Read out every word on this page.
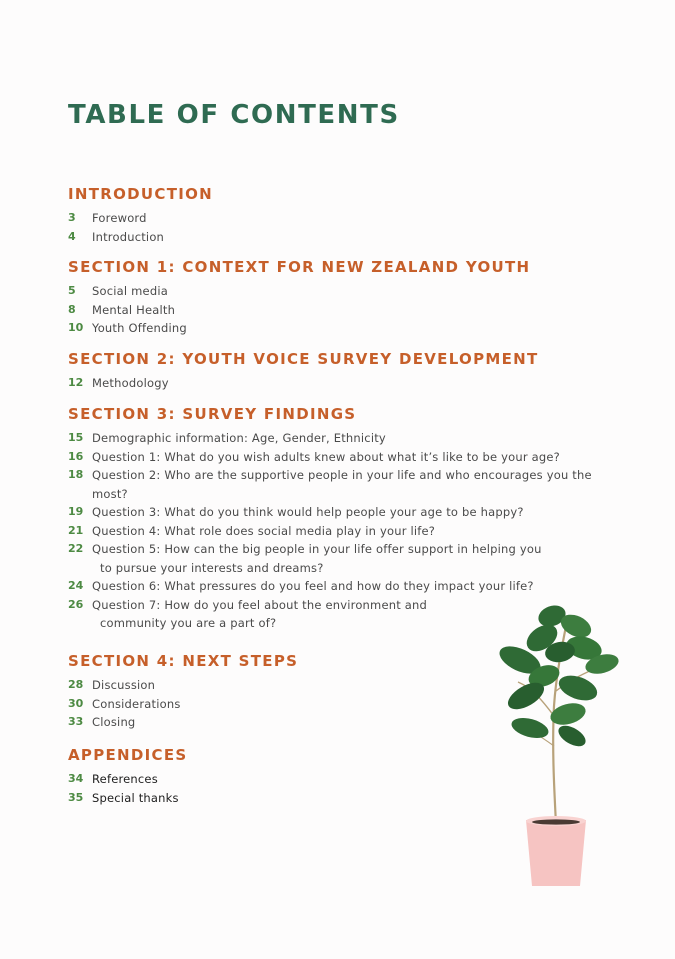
TABLE OF CONTENTS
INTRODUCTION
3	Foreword
4	Introduction
SECTION 1: CONTEXT FOR NEW ZEALAND YOUTH
5	Social media
8	Mental Health
10 Youth Offending
SECTION 2: YOUTH VOICE SURVEY DEVELOPMENT
12 Methodology
SECTION 3: SURVEY FINDINGS
15 Demographic information: Age, Gender, Ethnicity
16 Question 1: What do you wish adults knew about what it’s like to be your age?
18 Question 2: Who are the supportive people in your life and who encourages you the
most?
19 Question 3: What do you think would help people your age to be happy?
21 Question 4: What role does social media play in your life?
22 Question 5: How can the big people in your life offer support in helping you
to pursue your interests and dreams?
24 Question 6: What pressures do you feel and how do they impact your life?
26 Question 7: How do you feel about the environment and
community you are a part of?
SECTION 4: NEXT STEPS
28 Discussion
30 Considerations
33 Closing
APPENDICES
34 References
35 Special thanks
